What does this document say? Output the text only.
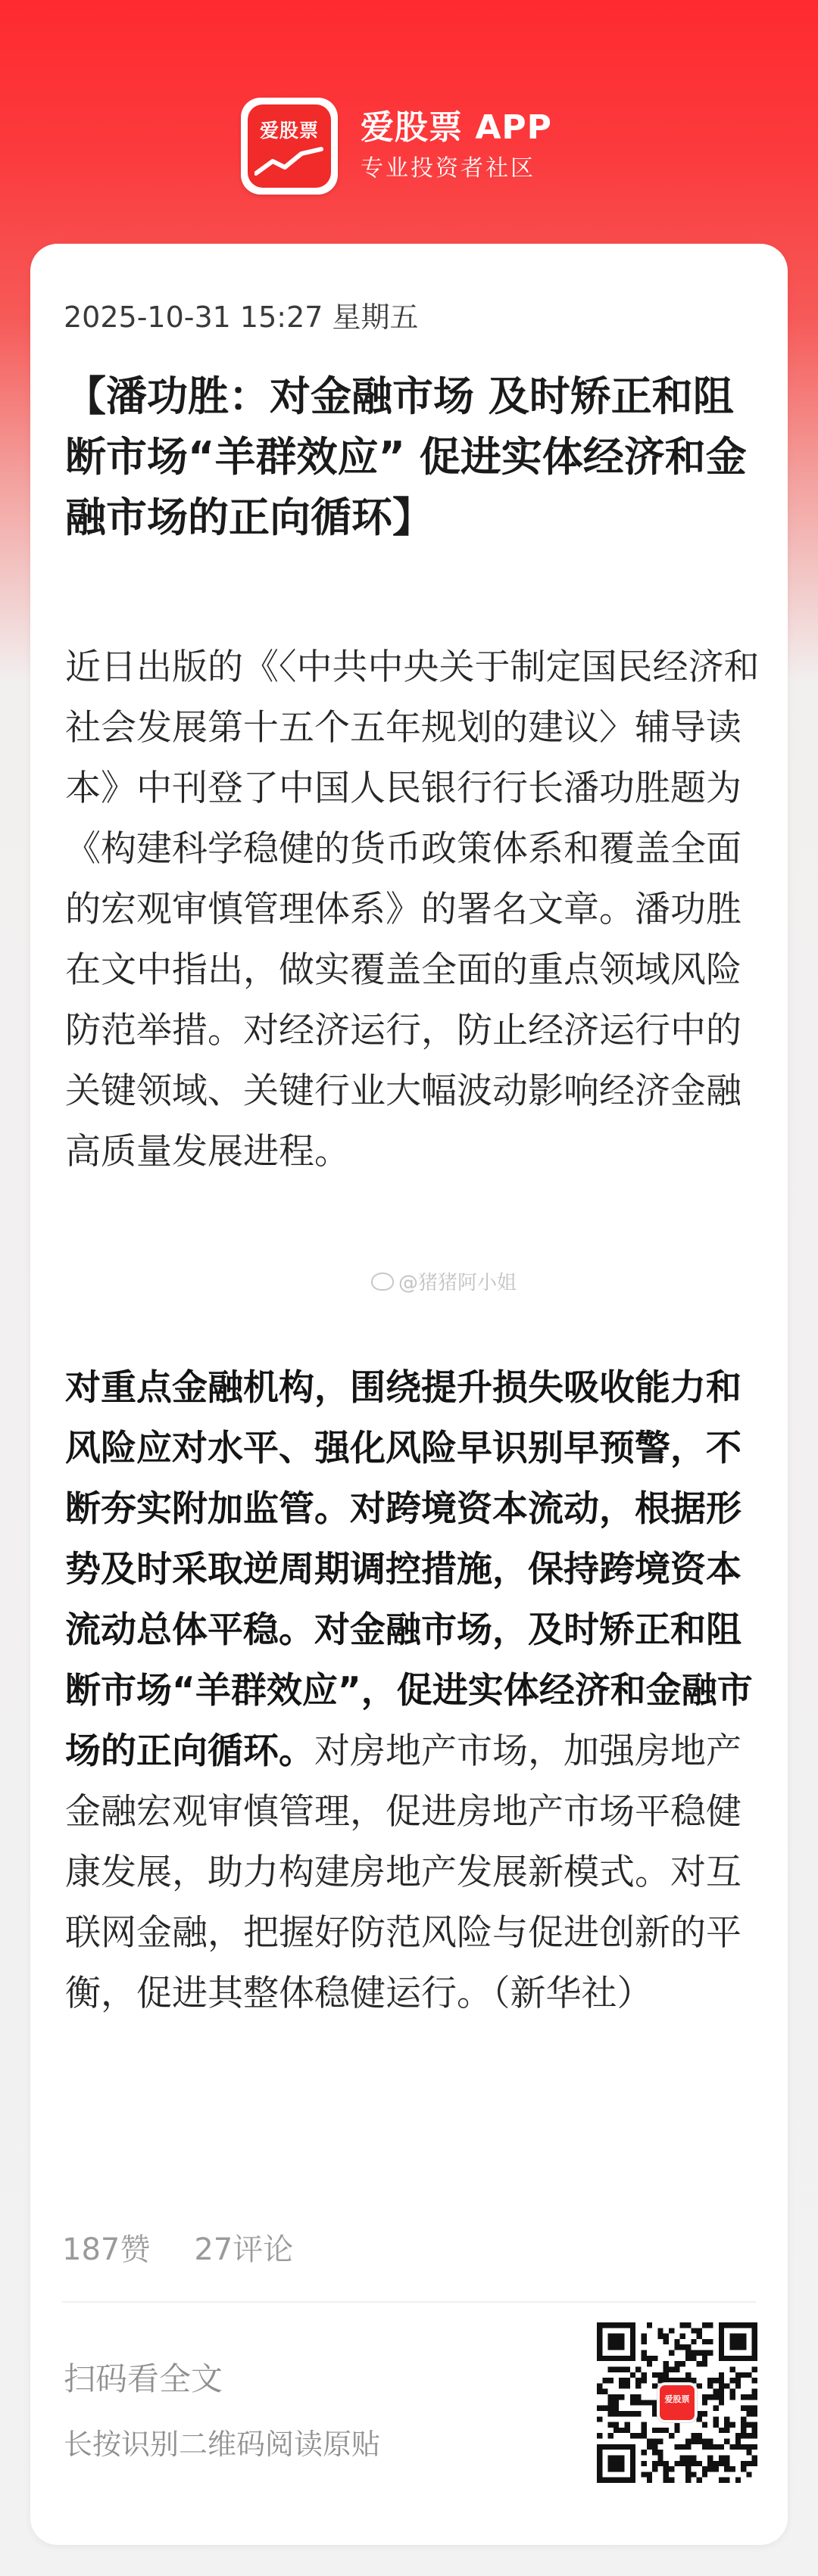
爱股票	爱股票 APP
专业投资者社区
2025-10-31 15:27 星期五
【潘功胜：对金融市场 及时矫正和阻断市场“羊群效应” 促进实体经济和金融市场的正向循环】
近日出版的《〈中共中央关于制定国民经济和社会发展第十五个五年规划的建议〉辅导读本》中刊登了中国人民银行行长潘功胜题为《构建科学稳健的货币政策体系和覆盖全面的宏观审慎管理体系》的署名文章。潘功胜在文中指出，做实覆盖全面的重点领域风险防范举措。对经济运行，防止经济运行中的关键领域、关键行业大幅波动影响经济金融高质量发展进程。
@猪猪阿小姐
对重点金融机构，围绕提升损失吸收能力和风险应对水平、强化风险早识别早预警，不断夯实附加监管。对跨境资本流动，根据形势及时采取逆周期调控措施，保持跨境资本流动总体平稳。对金融市场，及时矫正和阻断市场“羊群效应”，促进实体经济和金融市场的正向循环。对房地产市场，加强房地产金融宏观审慎管理，促进房地产市场平稳健康发展，助力构建房地产发展新模式。对互联网金融，把握好防范风险与促进创新的平衡，促进其整体稳健运行。（新华社）
187赞 27评论
扫码看全文
长按识别二维码阅读原贴
爱股票
